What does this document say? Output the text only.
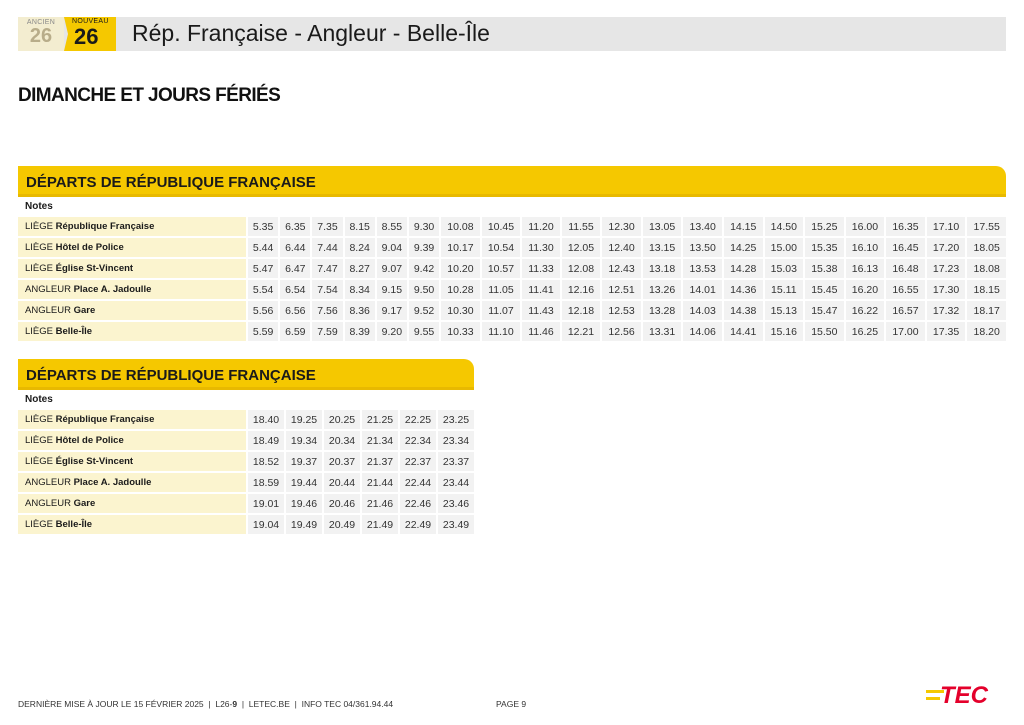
ANCIEN
26
NOUVEAU
26 Rép. Française - Angleur - Belle-Île
DIMANCHE ET JOURS FÉRIÉS
DÉPARTS DE RÉPUBLIQUE FRANÇAISE
Notes
LIÈGE République Française	5.35	6.35	7.35	8.15	8.55	9.30	10.08	10.45	11.20	11.55	12.30	13.05	13.40	14.15	14.50	15.25	16.00	16.35	17.10	17.55
LIÈGE Hôtel de Police	5.44	6.44	7.44	8.24	9.04	9.39	10.17	10.54	11.30	12.05	12.40	13.15	13.50	14.25	15.00	15.35	16.10	16.45	17.20	18.05
LIÈGE Église St-Vincent	5.47	6.47	7.47	8.27	9.07	9.42	10.20	10.57	11.33	12.08	12.43	13.18	13.53	14.28	15.03	15.38	16.13	16.48	17.23	18.08
ANGLEUR Place A. Jadoulle	5.54	6.54	7.54	8.34	9.15	9.50	10.28	11.05	11.41	12.16	12.51	13.26	14.01	14.36	15.11	15.45	16.20	16.55	17.30	18.15
ANGLEUR Gare	5.56	6.56	7.56	8.36	9.17	9.52	10.30	11.07	11.43	12.18	12.53	13.28	14.03	14.38	15.13	15.47	16.22	16.57	17.32	18.17
LIÈGE Belle-Île	5.59	6.59	7.59	8.39	9.20	9.55	10.33	11.10	11.46	12.21	12.56	13.31	14.06	14.41	15.16	15.50	16.25	17.00	17.35	18.20
DÉPARTS DE RÉPUBLIQUE FRANÇAISE
Notes
LIÈGE République Française	18.40	19.25	20.25	21.25	22.25	23.25
LIÈGE Hôtel de Police	18.49	19.34	20.34	21.34	22.34	23.34
LIÈGE Église St-Vincent	18.52	19.37	20.37	21.37	22.37	23.37
ANGLEUR Place A. Jadoulle	18.59	19.44	20.44	21.44	22.44	23.44
ANGLEUR Gare	19.01	19.46	20.46	21.46	22.46	23.46
LIÈGE Belle-Île	19.04	19.49	20.49	21.49	22.49	23.49
DERNIÈRE MISE À JOUR LE 15 FÉVRIER 2025 | L26-9 | LETEC.BE | INFO TEC 04/361.94.44	PAGE 9	TEC
